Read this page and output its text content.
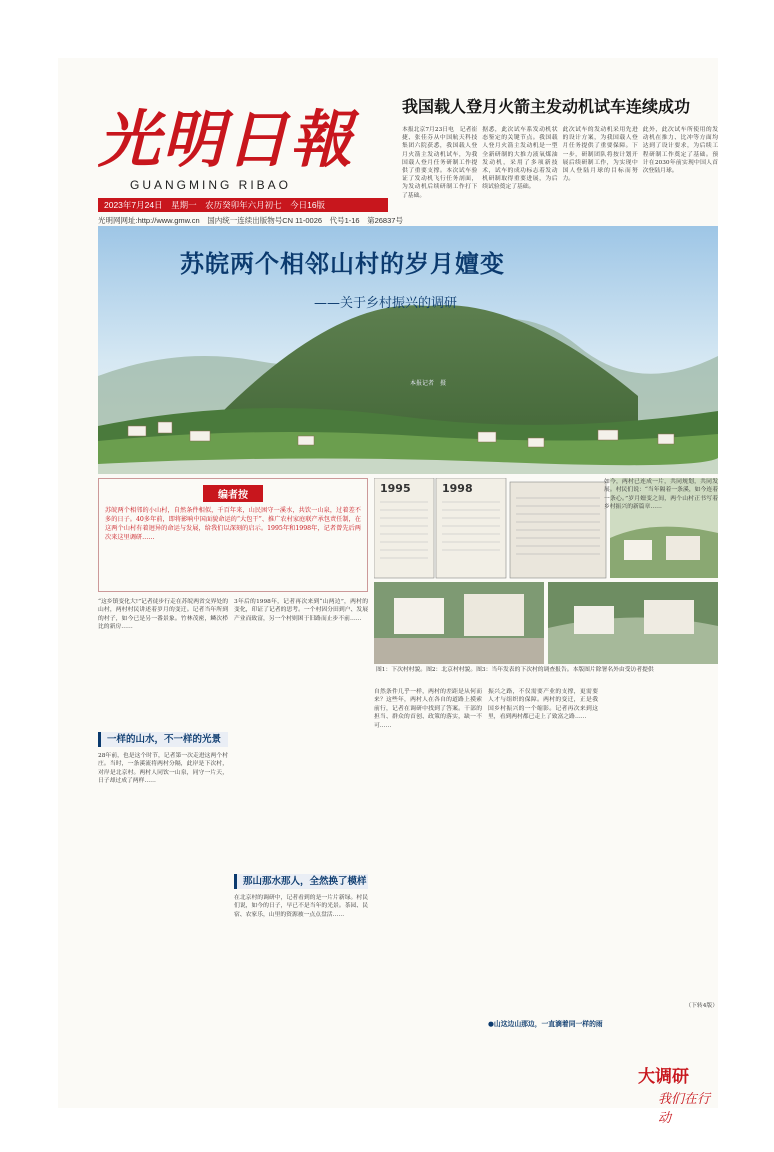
光明日報
GUANGMING RIBAO
2023年7月24日　星期一　农历癸卯年六月初七　今日16版
光明网网址:http://www.gmw.cn　国内统一连续出版物号CN 11-0026　代号1-16　第26837号
我国载人登月火箭主发动机试车连续成功
本报北京7月23日电　记者崔捷、张佳芬从中国航天科技集团六院获悉，我国载人登月火箭主发动机试车，为我国载人登月任务研制工作提供了重要支撑。本次试车验证了发动机飞行任务剖面，为发动机后续研制工作打下了基础。
据悉，此次试车系发动机状态鉴定的关键节点。我国载人登月火箭主发动机是一型全新研制的大推力液氧煤油发动机，采用了多项新技术，试车的成功标志着发动机研制取得重要进展，为后续试验奠定了基础。
此次试车的发动机采用先进的设计方案，为我国载人登月任务提供了重要保障。下一步，研制团队将按计划开展后续研制工作，为实现中国人登陆月球的目标而努力。
此外，此次试车所使用的发动机在推力、比冲等方面均达到了设计要求，为后续工程研制工作奠定了基础。预计在2030年前实现中国人首次登陆月球。
苏皖两个相邻山村的岁月嬗变
——关于乡村振兴的调研
本报记者　摄
编者按
苏皖两个相邻的小山村，自然条件相似，千百年来，山民困守一溪水，共饮一山泉，过着差不多的日子。40多年前，即将影响中国面貌命运的“大包干”、推广农村家庭联产承包责任制，在这两个山村有着迥异的命运与发展，给我们以深刻的启示。1995年和1998年，记者曾先后两次来这里调研……
1995	1998
图1：下次村村貌。图2：北京村村貌。图3：当年发表的下次村的调查报告。本版图片除署名外由受访者提供
“这乡镇变化大!”记者徒步行走在苏皖两省交界处的山村，两村村民讲述着岁月的变迁。记者当年所到的村子，如今已是另一番景象。竹林茂密，鳞次栉比的新房……
一样的山水，不一样的光景
28年前，也是这个时节，记者第一次走进这两个村庄。当时，一条溪流将两村分隔，此岸是下次村，对岸是北京村。两村人同饮一山泉，同守一片天，日子却过成了两样……
3年后的1998年，记者再次来到“山两边”，两村的变化，印证了记者的思考。一个村因分田到户、发展产业而致富，另一个村则困于旧路而止步不前……
那山那水那人，全然换了模样
在北京村的调研中，记者看到的是一片片新绿。村民们说，如今的日子，早已不是当年的光景。茶园、民宿、农家乐，山里的资源被一点点盘活……
自然条件几乎一样，两村的差距是从何而来？这些年，两村人在各自的道路上摸索前行，记者在调研中找到了答案。干部的担当、群众的首创、政策的落实，缺一不可……
振兴之路，不仅需要产业的支撑，更需要人才与组织的保障。两村的变迁，正是我国乡村振兴的一个缩影。记者再次来到这里，看到两村都已走上了致富之路……
如今，两村已连成一片，共同规划，共同发展。村民们说：“当年隔着一条溪，如今连着一条心。”岁月嬗变之间，两个山村正书写着乡村振兴的新篇章……
●山这边山那边，一直滴着同一样的雨
（下转4版）
大调研
我们在行动
